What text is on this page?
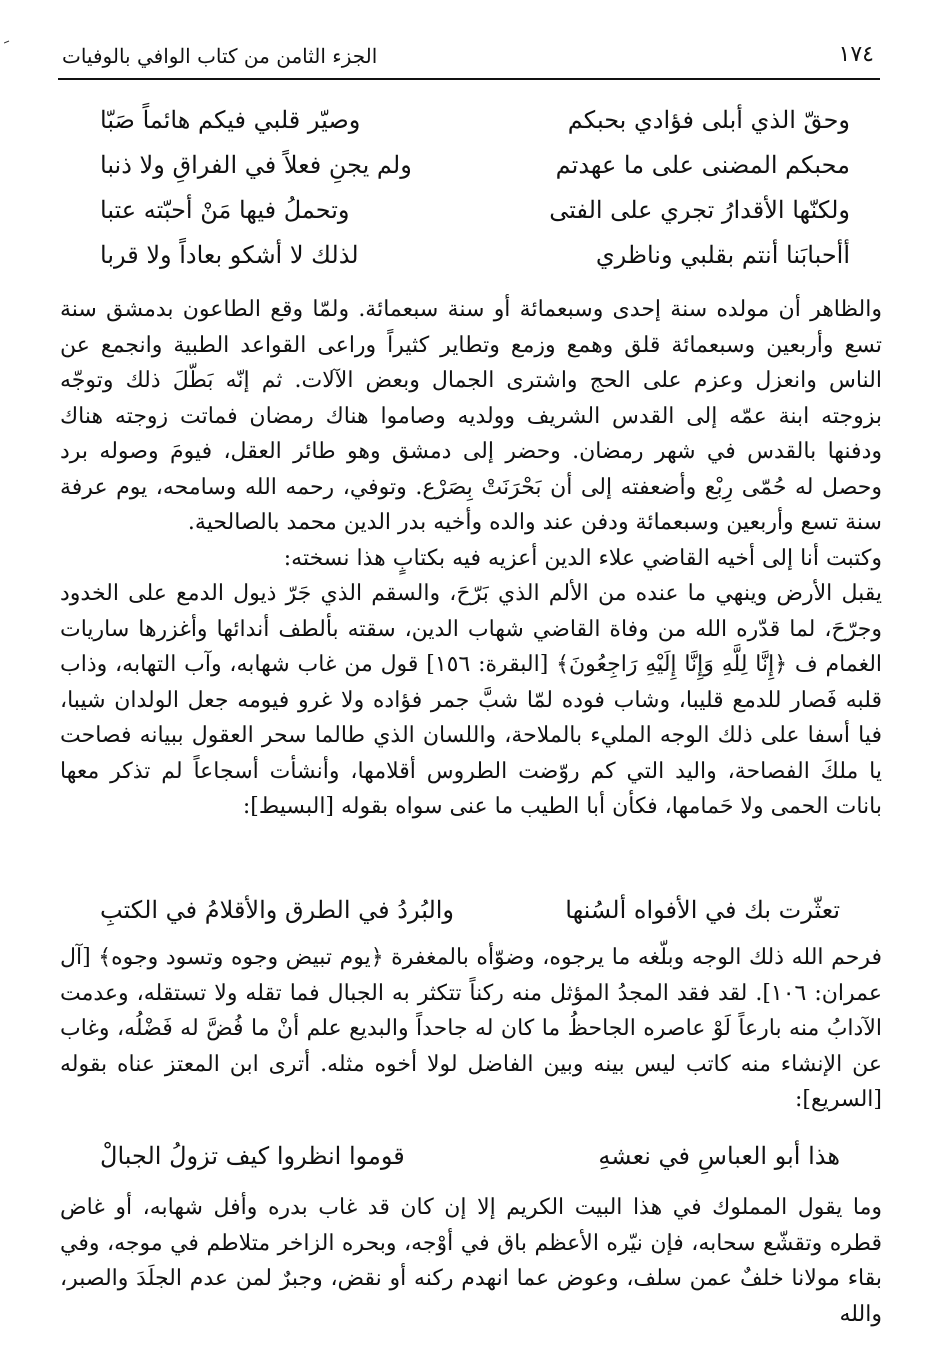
١٧٤
الجزء الثامن من كتاب الوافي بالوفيات
وحقّ الذي أبلى فؤادي بحبكم
وصيّر قلبي فيكم هائماً صَبّا
محبكم المضنى على ما عهدتم
ولم يجنِ فعلاً في الفراقِ ولا ذنبا
ولكنّها الأقدارُ تجري على الفتى
وتحملُ فيها مَنْ أحبّته عتبا
أأحبابَنا أنتم بقلبي وناظري
لذلك لا أشكو بعاداً ولا قربا

والظاهر أن مولده سنة إحدى وسبعمائة أو سنة سبعمائة. ولمّا وقع الطاعون بدمشق سنة تسع وأربعين وسبعمائة قلق وهمع وزمع وتطاير كثيراً وراعى القواعد الطبية وانجمع عن الناس وانعزل وعزم على الحج واشترى الجمال وبعض الآلات. ثم إنّه بَطّلَ ذلك وتوجّه بزوجته ابنة عمّه إلى القدس الشريف وولديه وصاموا هناك رمضان فماتت زوجته هناك ودفنها بالقدس في شهر رمضان. وحضر إلى دمشق وهو طائر العقل، فيومَ وصوله برد وحصل له حُمّى رِبْع وأضعفته إلى أن بَحْرَنَتْ بِصَرْع. وتوفي، رحمه الله وسامحه، يوم عرفة سنة تسع وأربعين وسبعمائة ودفن عند والده وأخيه بدر الدين محمد بالصالحية.

وكتبت أنا إلى أخيه القاضي علاء الدين أعزيه فيه بكتابٍ هذا نسخته:

يقبل الأرض وينهي ما عنده من الألم الذي بَرّحَ، والسقم الذي جَرّ ذيول الدمع على الخدود وجرّحَ، لما قدّره الله من وفاة القاضي شهاب الدين، سقته بألطف أندائها وأغزرها ساريات الغمام ف ﴿إِنَّا لِلَّهِ وَإِنَّا إِلَيْهِ رَاجِعُونَ﴾ [البقرة: ١٥٦] قول من غاب شهابه، وآب التهابه، وذاب قلبه فَصار للدمع قليبا، وشاب فوده لمّا شبَّ جمر فؤاده ولا غرو فيومه جعل الولدان شيبا، فيا أسفا على ذلك الوجه المليء بالملاحة، واللسان الذي طالما سحر العقول ببيانه فصاحت يا ملكَ الفصاحة، واليد التي كم روّضت الطروس أقلامها، وأنشأت أسجاعاً لم تذكر معها بانات الحمى ولا حَمامها، فكأن أبا الطيب ما عنى سواه بقوله [البسيط]:

تعثّرت بك في الأفواه ألسُنها
والبُردُ في الطرق والأقلامُ في الكتبِ

فرحم الله ذلك الوجه وبلّغه ما يرجوه، وضوّأه بالمغفرة ﴿يوم تبيض وجوه وتسود وجوه﴾ [آل عمران: ١٠٦]. لقد فقد المجدُ المؤثل منه ركناً تتكثر به الجبال فما تقله ولا تستقله، وعدمت الآدابُ منه بارعاً لَوْ عاصره الجاحظُ ما كان له جاحداً والبديع علم أنْ ما فُضَّ له فَضْلُه، وغاب عن الإنشاء منه كاتب ليس بينه وبين الفاضل لولا أخوه مثله. أترى ابن المعتز عناه بقوله [السريع]:

هذا أبو العباسِ في نعشهِ
قوموا انظروا كيف تزولُ الجبالْ

وما يقول المملوك في هذا البيت الكريم إلا إن كان قد غاب بدره وأفل شهابه، أو غاض قطره وتقشّع سحابه، فإن نيّره الأعظم باق في أوْجه، وبحره الزاخر متلاطم في موجه، وفي بقاء مولانا خلفٌ عمن سلف، وعوض عما انهدم ركنه أو نقض، وجبرٌ لمن عدم الجلَدَ والصبر، والله
